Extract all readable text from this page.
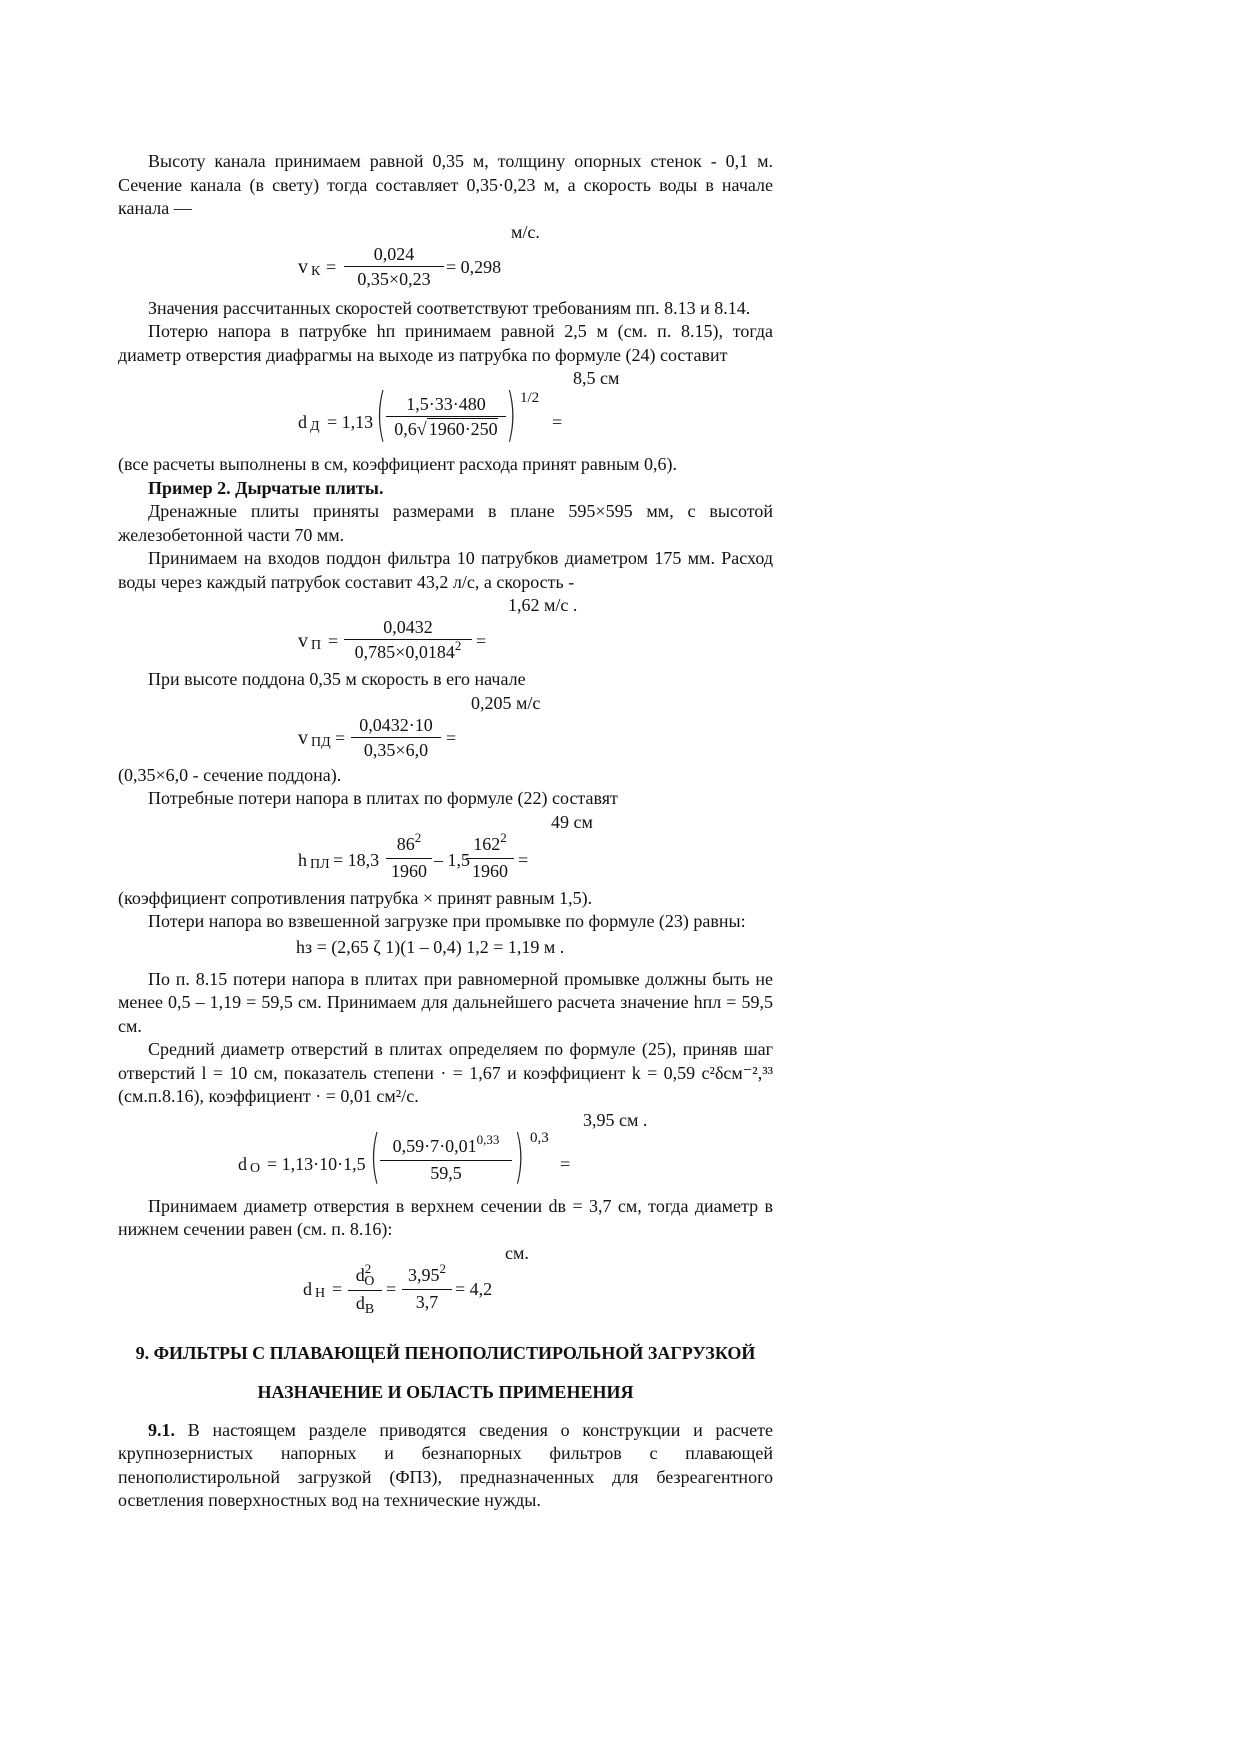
Высоту канала принимаем равной 0,35 м, толщину опорных стенок - 0,1 м. Сечение канала (в свету) тогда составляет 0,35·0,23 м, а скорость воды в начале канала —

м/с.
v $К = \frac{0,024}{0,35\times 0,23} = 0,298$

Значения рассчитанных скоростей соответствуют требованиям пп. 8.13 и 8.14.

Потерю напора в патрубке hп принимаем равной 2,5 м (см. п. 8.15), тогда диаметр отверстия диафрагмы на выходе из патрубка по формуле (24) составит

8,5 см
d Д = 1,13 ( $\frac{1,5\cdot 33\cdot 480}{0,6√ 1960\cdot 250}$ ) 1/2
=

(все расчеты выполнены в см, коэффициент расхода принят равным 0,6).

Пример 2. Дырчатые плиты.

Дренажные плиты приняты размерами в плане 595×595 мм, с высотой железобетонной части 70 мм.

Принимаем на входов поддон фильтра 10 патрубков диаметром 175 мм. Расход воды через каждый патрубок составит 43,2 л/с, а скорость -

1,62 м/с .
v $П = \frac{0,0432}{0,785\times 0,0184^2}$ =

При высоте поддона 0,35 м скорость в его начале

0,205 м/с
v ПД = $\frac{0,0432\cdot 10}{0,35\times 6,0}$ =

(0,35×6,0 - сечение поддона).

Потребные потери напора в плитах по формуле (22) составят

49 см
h ПЛ = $18,3 \frac{86^2}{1960} - 1,5$
$\frac{162^2}{1960}$ =

(коэффициент сопротивления патрубка × принят равным 1,5).

Потери напора во взвешенной загрузке при промывке по формуле (23) равны:

hз = (2,65 ζ 1)(1 – 0,4) 1,2 = 1,19 м .

По п. 8.15 потери напора в плитах при равномерной промывке должны быть не менее 0,5 – 1,19 = 59,5 см. Принимаем для дальнейшего расчета значение hпл = 59,5 см.

Средний диаметр отверстий в плитах определяем по формуле (25), приняв шаг отверстий l = 10 см, показатель степени · = 1,67 и коэффициент k = 0,59 с²δсм⁻²,³³ (см.п.8.16), коэффициент · = 0,01 см²/с.

3,95 см .
d О = 1,13·10·1,5 ( $\frac{0,59\cdot 7\cdot 0,01^{0,33}}{59,5}$ ) 0,3
=

Принимаем диаметр отверстия в верхнем сечении dв = 3,7 см, тогда диаметр в нижнем сечении равен (см. п. 8.16):

см.
d Н =
$d^2_О$
$d_В$
= $\frac{3,95^2}{3,7} = 4,2$
9. ФИЛЬТРЫ С ПЛАВАЮЩЕЙ ПЕНОПОЛИСТИРОЛЬНОЙ ЗАГРУЗКОЙ
НАЗНАЧЕНИЕ И ОБЛАСТЬ ПРИМЕНЕНИЯ

9.1. В настоящем разделе приводятся сведения о конструкции и расчете крупнозернистых напорных и безнапорных фильтров с плавающей пенополистирольной загрузкой (ФПЗ), предназначенных для безреагентного осветления поверхностных вод на технические нужды.
